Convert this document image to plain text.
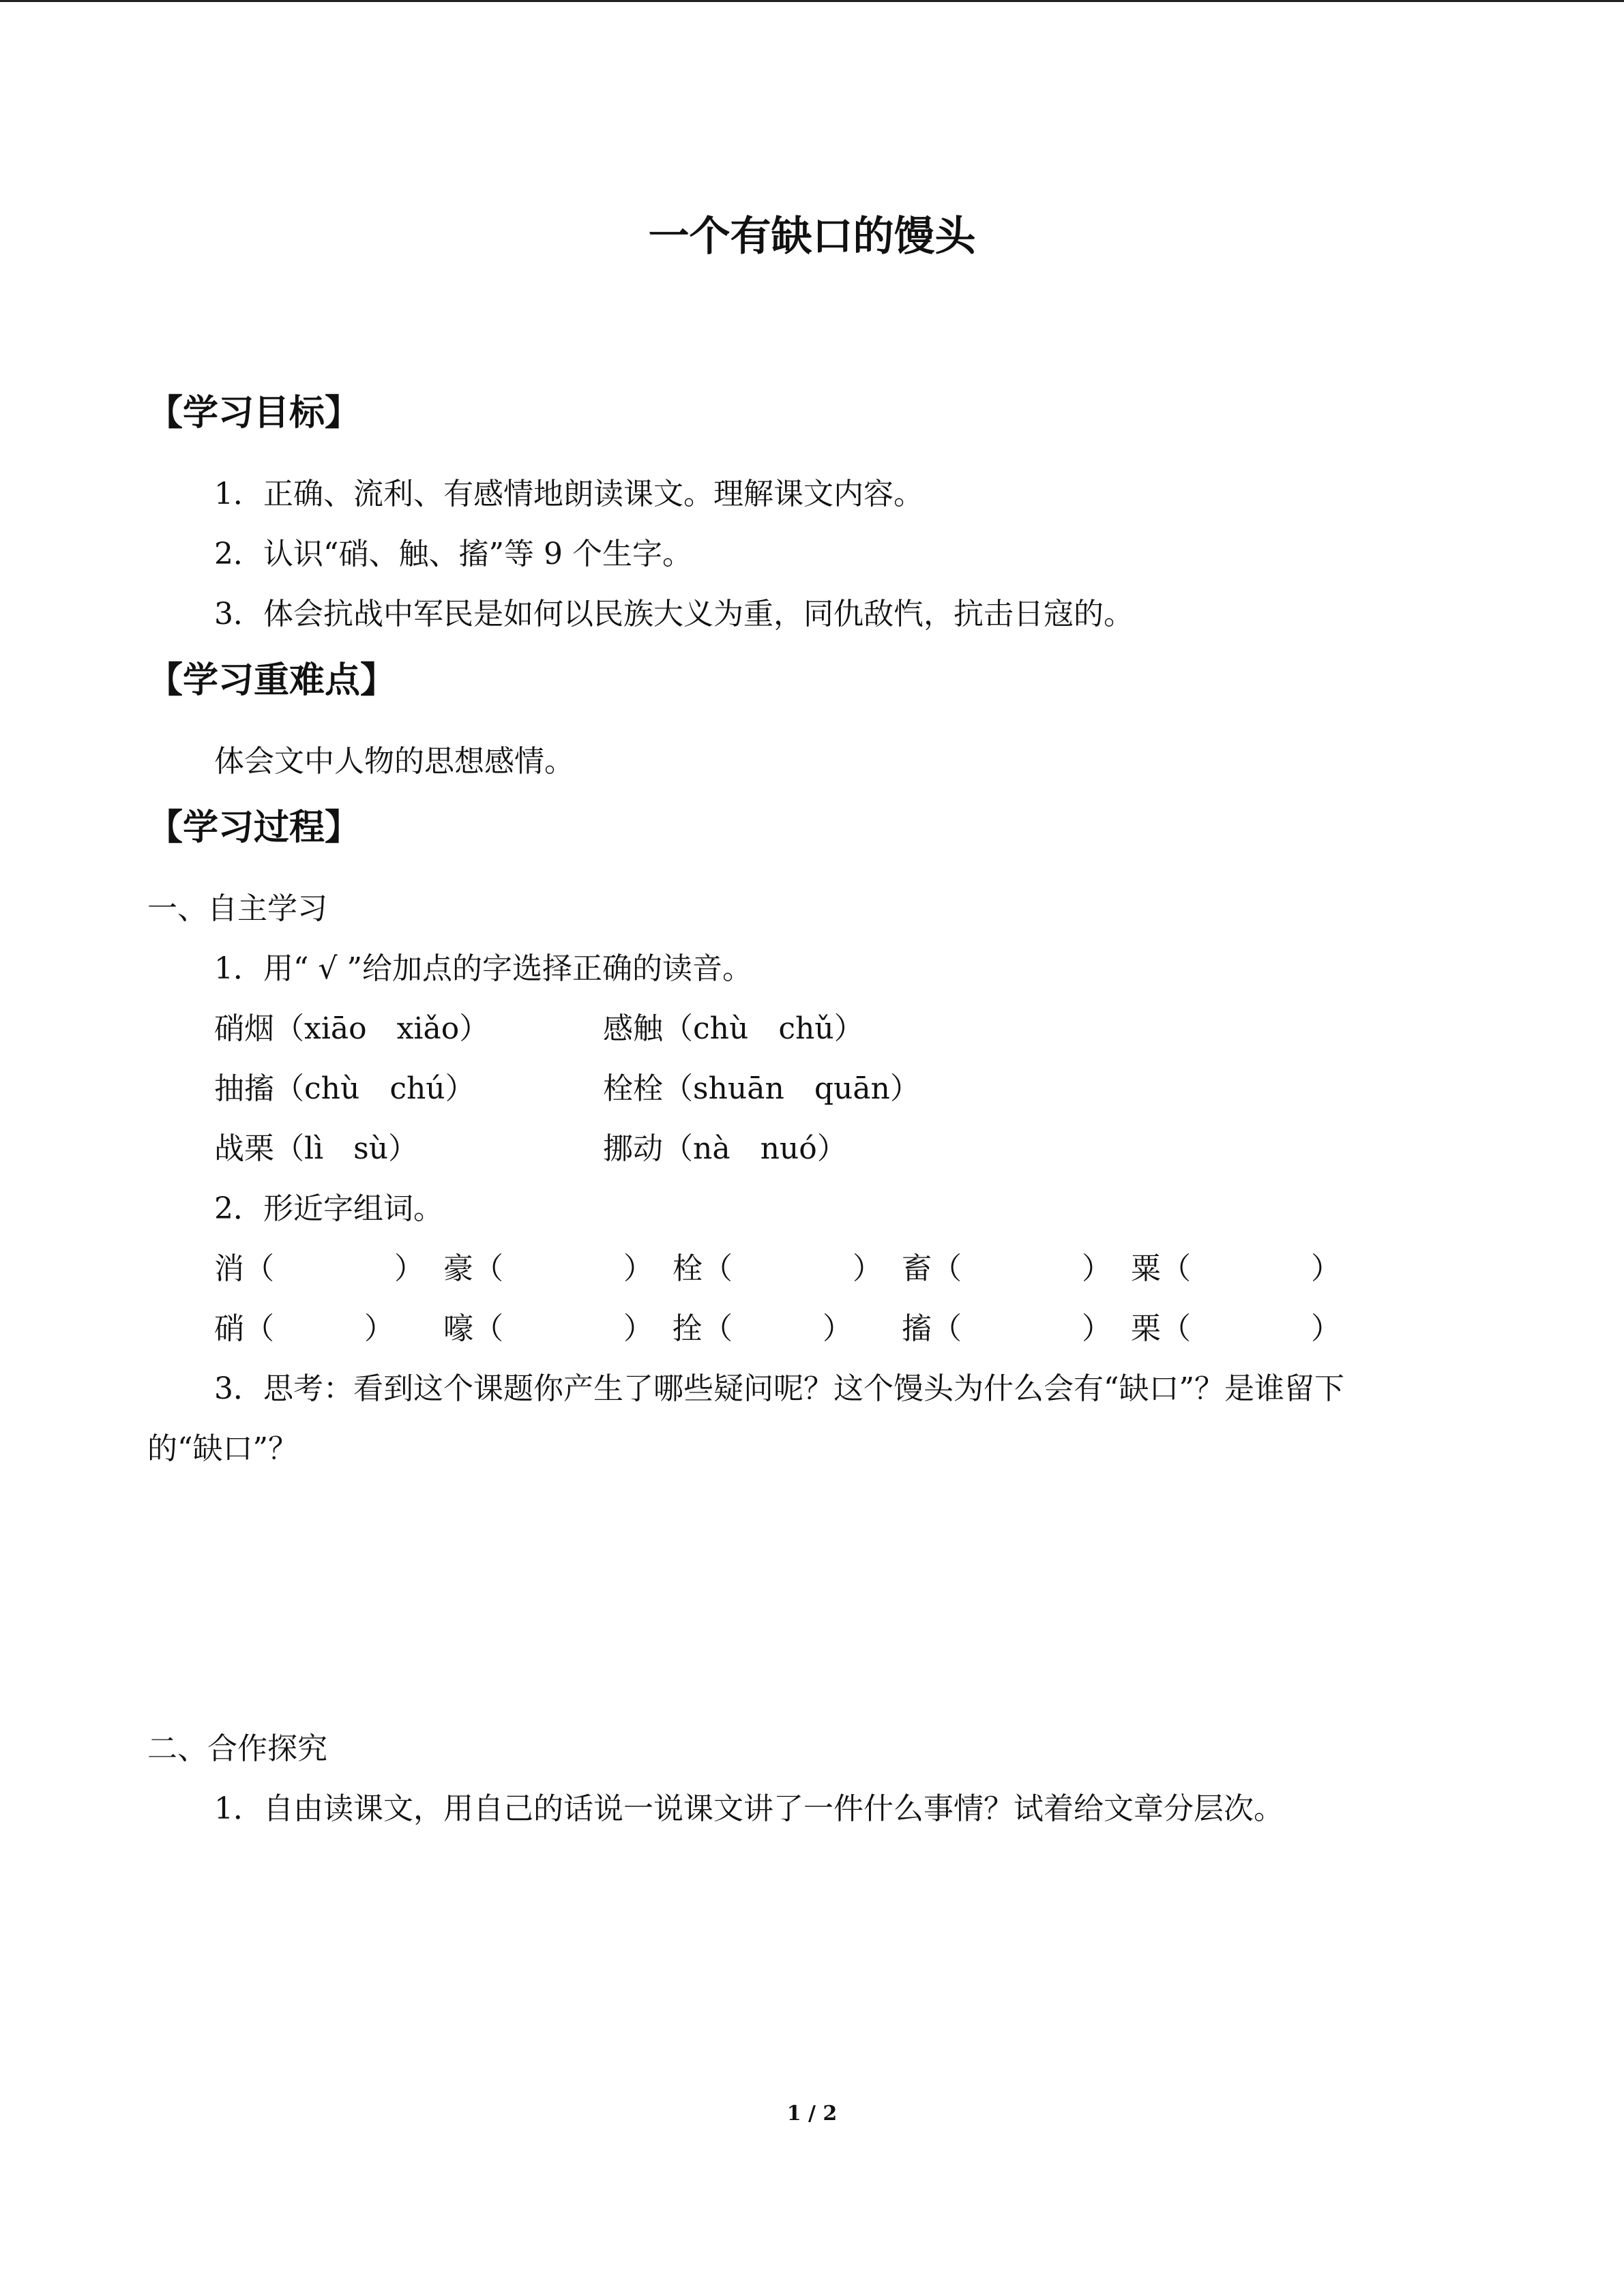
一个有缺口的馒头
【学习目标】
1．正确、流利、有感情地朗读课文。理解课文内容。
2．认识“硝、触、搐”等 9 个生字。
3．体会抗战中军民是如何以民族大义为重，同仇敌忾，抗击日寇的。
【学习重难点】
体会文中人物的思想感情。
【学习过程】
一、自主学习
1．用“ √ ”给加点的字选择正确的读音。
硝烟（xiāo　xiǎo）	感触（chù　chǔ）
抽搐（chù　chú）	栓栓（shuān　quān）
战栗（lì　sù）	挪动（nà　nuó）
2．形近字组词。
消（　　　　） 豪（　　　　） 栓（　　　　） 畜（　　　　） 粟（　　　　）
硝（　　　） 嚎（　　　　） 拴（　　　） 搐（　　　　） 栗（　　　　）
3．思考：看到这个课题你产生了哪些疑问呢？这个馒头为什么会有“缺口”？是谁留下
的“缺口”？
二、合作探究
1．自由读课文，用自己的话说一说课文讲了一件什么事情？试着给文章分层次。
1 / 2
